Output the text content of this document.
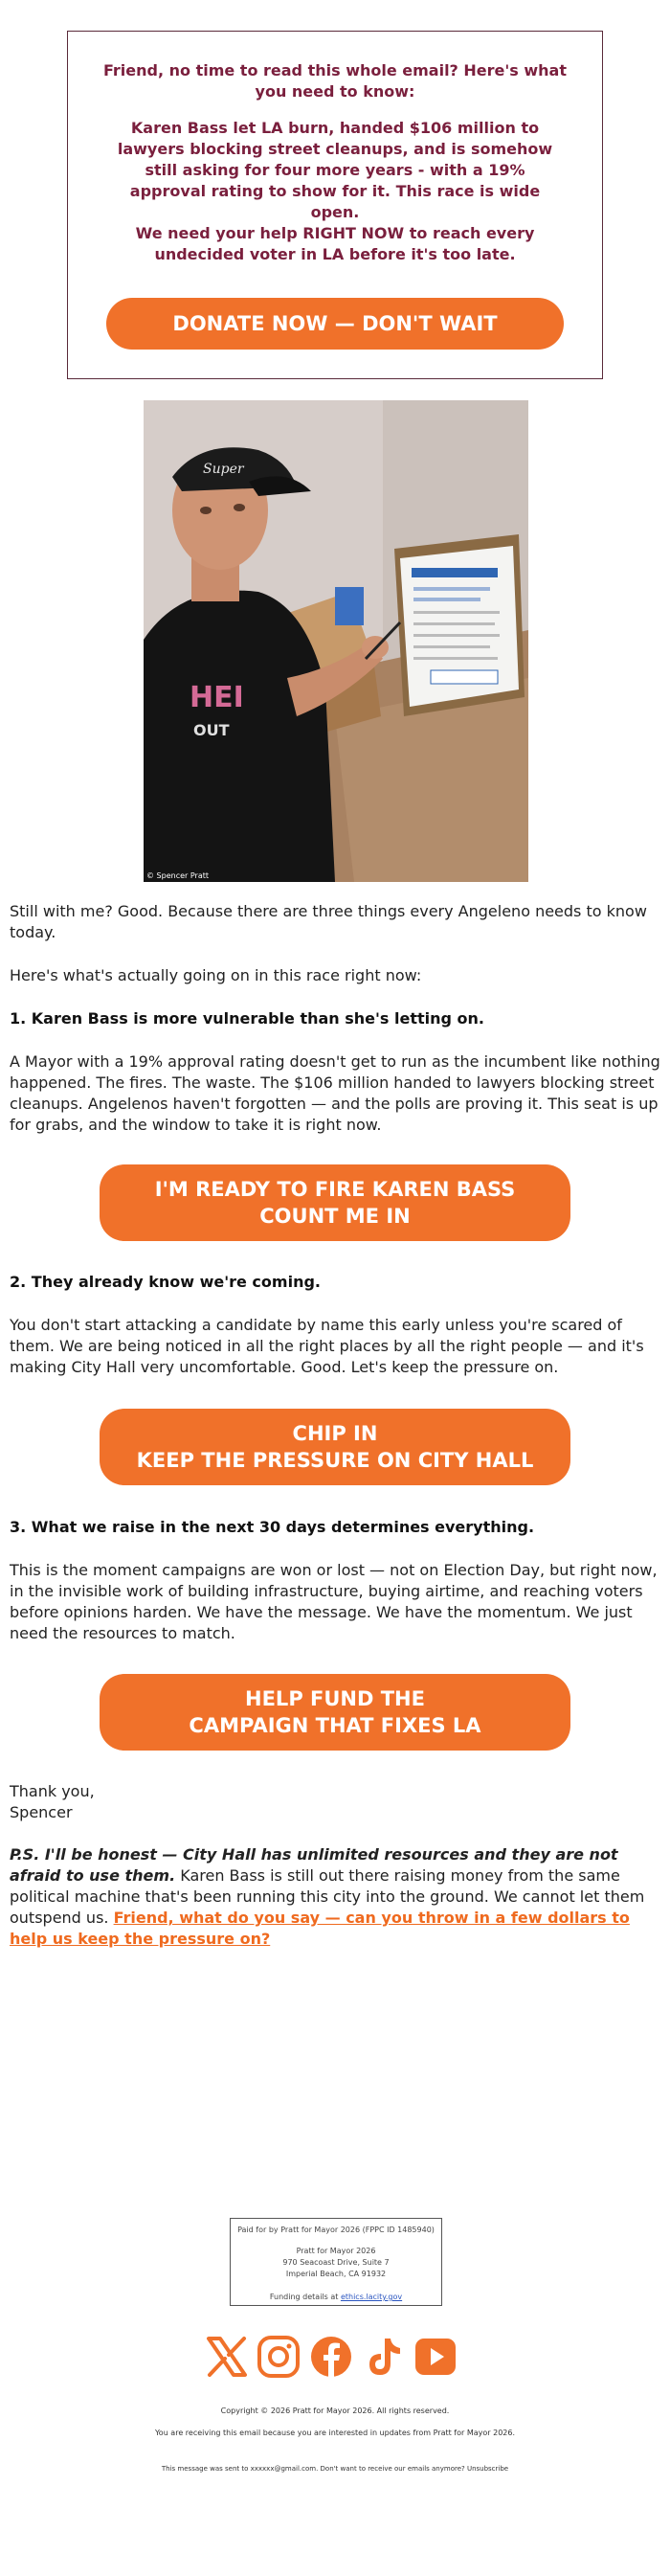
Friend, no time to read this whole email? Here's what you need to know:

Karen Bass let LA burn, handed $106 million to lawyers blocking street cleanups, and is somehow still asking for four more years - with a 19% approval rating to show for it. This race is wide open.

We need your help RIGHT NOW to reach every undecided voter in LA before it's too late.

DONATE NOW — DON'T WAIT
HEI
OUT
Super
© Spencer Pratt

Still with me? Good. Because there are three things every Angeleno needs to know today.

Here's what's actually going on in this race right now:

1. Karen Bass is more vulnerable than she's letting on.

A Mayor with a 19% approval rating doesn't get to run as the incumbent like nothing happened. The fires. The waste. The $106 million handed to lawyers blocking street cleanups. Angelenos haven't forgotten — and the polls are proving it. This seat is up for grabs, and the window to take it is right now.

I'M READY TO FIRE KAREN BASS
COUNT ME IN

2. They already know we're coming.

You don't start attacking a candidate by name this early unless you're scared of them. We are being noticed in all the right places by all the right people — and it's making City Hall very uncomfortable. Good. Let's keep the pressure on.

CHIP IN
KEEP THE PRESSURE ON CITY HALL

3. What we raise in the next 30 days determines everything.

This is the moment campaigns are won or lost — not on Election Day, but right now, in the invisible work of building infrastructure, buying airtime, and reaching voters before opinions harden. We have the message. We have the momentum. We just need the resources to match.

HELP FUND THE
CAMPAIGN THAT FIXES LA

Thank you,

Spencer

P.S. I'll be honest — City Hall has unlimited resources and they are not afraid to use them. Karen Bass is still out there raising money from the same political machine that's been running this city into the ground. We cannot let them outspend us. Friend, what do you say — can you throw in a few dollars to help us keep the pressure on?

Paid for by Pratt for Mayor 2026 (FPPC ID 1485940)
Pratt for Mayor 2026
970 Seacoast Drive, Suite 7
Imperial Beach, CA 91932
Funding details at ethics.lacity.gov
Copyright © 2026 Pratt for Mayor 2026. All rights reserved.
You are receiving this email because you are interested in updates from Pratt for Mayor 2026.
This message was sent to xxxxxx@gmail.com. Don't want to receive our emails anymore? Unsubscribe
